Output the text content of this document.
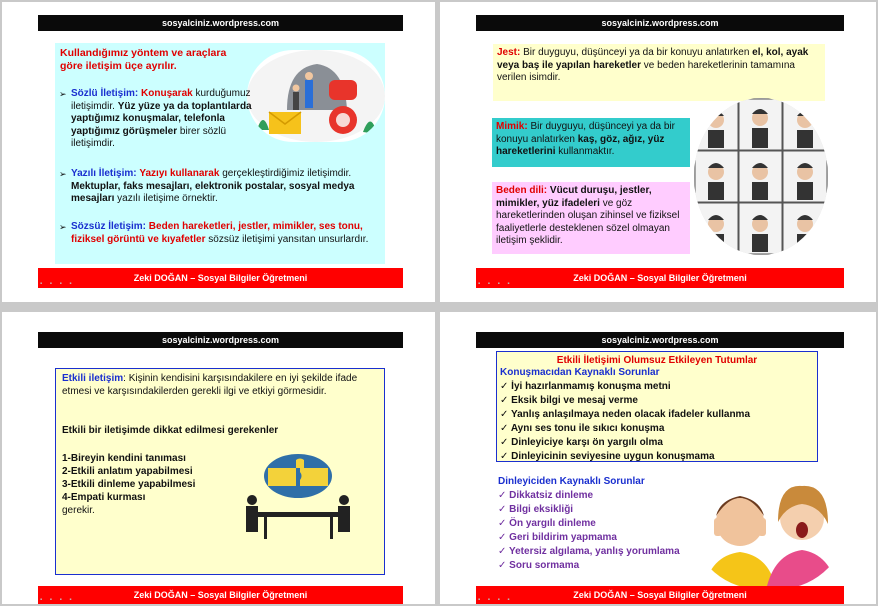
sosyalciniz.wordpress.com
Kullandığımız yöntem ve araçlara göre iletişim üçe ayrılır.
➢ Sözlü İletişim: Konuşarak kurduğumuz iletişimdir. Yüz yüze ya da toplantılarda yaptığımız konuşmalar, telefonla yaptığımız görüşmeler birer sözlü iletişimdir.
➢ Yazılı İletişim: Yazıyı kullanarak gerçekleştirdiğimiz iletişimdir. Mektuplar, faks mesajları, elektronik postalar, sosyal medya mesajları yazılı iletişime örnektir.
➢ Sözsüz İletişim: Beden hareketleri, jestler, mimikler, ses tonu, fiziksel görüntü ve kıyafetler sözsüz iletişimi yansıtan unsurlardır.
Zeki DOĞAN – Sosyal Bilgiler Öğretmeni
▪ ▪ ▪ ▪
sosyalciniz.wordpress.com
Jest: Bir duyguyu, düşünceyi ya da bir konuyu anlatırken el, kol, ayak veya baş ile yapılan hareketler ve beden hareketlerinin tamamına verilen isimdir.
Mimik: Bir duyguyu, düşünceyi ya da bir konuyu anlatırken kaş, göz, ağız, yüz hareketlerini kullanmaktır.
Beden dili: Vücut duruşu, jestler, mimikler, yüz ifadeleri ve göz hareketlerinden oluşan zihinsel ve fiziksel faaliyetlerle desteklenen sözel olmayan iletişim şeklidir.
Zeki DOĞAN – Sosyal Bilgiler Öğretmeni
▪ ▪ ▪ ▪
sosyalciniz.wordpress.com
Etkili iletişim: Kişinin kendisini karşısındakilere en iyi şekilde ifade etmesi ve karşısındakilerden gerekli ilgi ve etkiyi görmesidir.
Etkili bir iletişimde dikkat edilmesi gerekenler
1-Bireyin kendini tanıması
2-Etkili anlatım yapabilmesi
3-Etkili dinleme yapabilmesi
4-Empati kurması
gerekir.
Zeki DOĞAN – Sosyal Bilgiler Öğretmeni
▪ ▪ ▪ ▪
sosyalciniz.wordpress.com
Etkili İletişimi Olumsuz Etkileyen Tutumlar
Konuşmacıdan Kaynaklı Sorunlar
✓ İyi hazırlanmamış konuşma metni
✓ Eksik bilgi ve mesaj verme
✓ Yanlış anlaşılmaya neden olacak ifadeler kullanma
✓ Aynı ses tonu ile sıkıcı konuşma
✓ Dinleyiciye karşı ön yargılı olma
✓ Dinleyicinin seviyesine uygun konuşmama
Dinleyiciden Kaynaklı Sorunlar
✓ Dikkatsiz dinleme
✓ Bilgi eksikliği
✓ Ön yargılı dinleme
✓ Geri bildirim yapmama
✓ Yetersiz algılama, yanlış yorumlama
✓ Soru sormama
Zeki DOĞAN – Sosyal Bilgiler Öğretmeni
▪ ▪ ▪ ▪
